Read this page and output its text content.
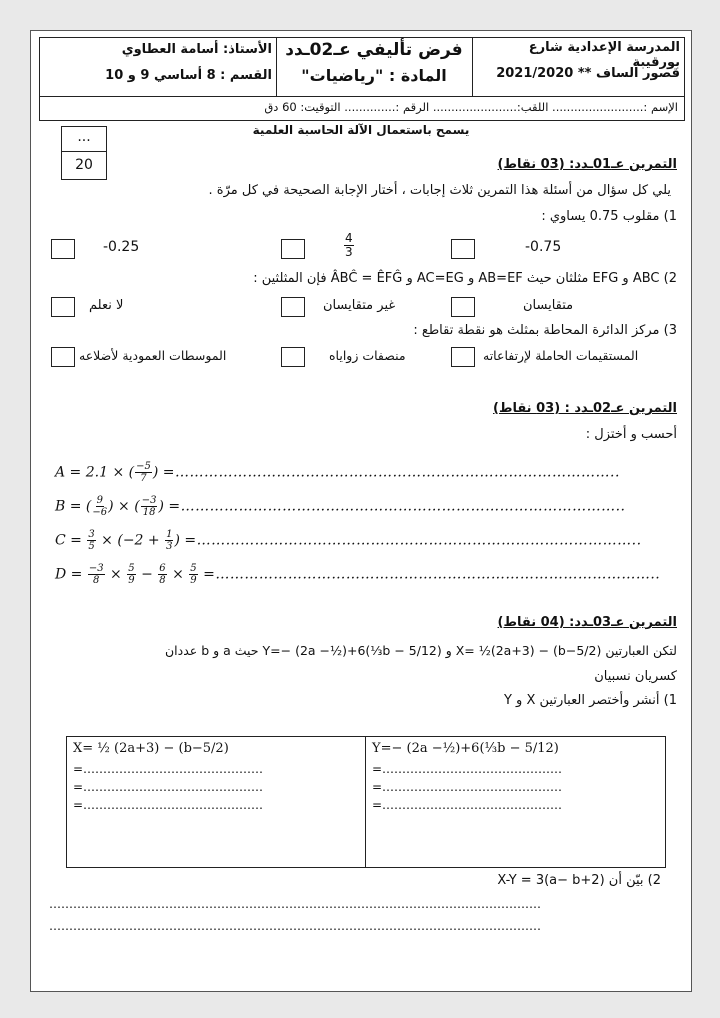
المدرسة الإعدادية شارع بورقيبة
قصور الساف ** 2021/2020
فرض تأليفي عـ02ـدد
المادة : "رياضيات"
الأستاذ: أسامة العطاوي
القسم : 8 أساسي 9 و 10
الإسم :......................... اللقب:....................... الرقم :.............. التوقيت: 60 دق
...
20
يسمح باستعمال الآلة الحاسبة العلمية
التمرين عـ01ـدد: (03 نقاط)
يلي كل سؤال من أسئلة هذا التمرين ثلاث إجابات ، أختار الإجابة الصحيحة في كل مرّة .
1) مقلوب 0.75 يساوي :
-0.25	$\frac{4}{3}$	-0.75
2) ABC و EFG مثلثان حيث AB=EF و AC=EG و ÂBĈ = ÊFĜ فإن المثلثين :
لا نعلم	غير متقايسان	متقايسان
3) مركز الدائرة المحاطة بمثلث هو نقطة تقاطع :
الموسطات العمودية لأضلاعه	منصفات زواياه	المستقيمات الحاملة لإرتفاعاته
التمرين عـ02ـدد : (03 نقاط)
أحسب و أختزل :
A = 2.1 × ( $\frac{-5}{7}$ ) =………………………………………………………………………………..
B = ( $\frac{9}{-6}$ ) × ( $\frac{-3}{18}$ ) =………………………………………………………………………………..
$C = \frac{3}{5} \times (-2 + \frac{1}{3}$ ) =………………………………………………………………………………..
$D = \frac{-3}{8} \times \frac{5}{9} - \frac{6}{8} \times \frac{5}{9}$ =………………………………………………………………………………..
التمرين عـ03ـدد: (04 نقاط)
لتكن العبارتين X= ½(2a+3) − (b−5/2) و Y=− (2a −½)+6(⅓b − 5/12) حيث a و b عددان
كسريان نسبيان
1) أنشر وأختصر العبارتين X و Y
X= ½ (2a+3) − (b−5/2)
=………………………………………
=………………………………………
=………………………………………
Y=− (2a −½)+6(⅓b − 5/12)
=………………………………………
=………………………………………
=………………………………………
2) بيّن أن X-Y = 3(a− b+2)
……………………………………………………………………………………………………………
……………………………………………………………………………………………………………
